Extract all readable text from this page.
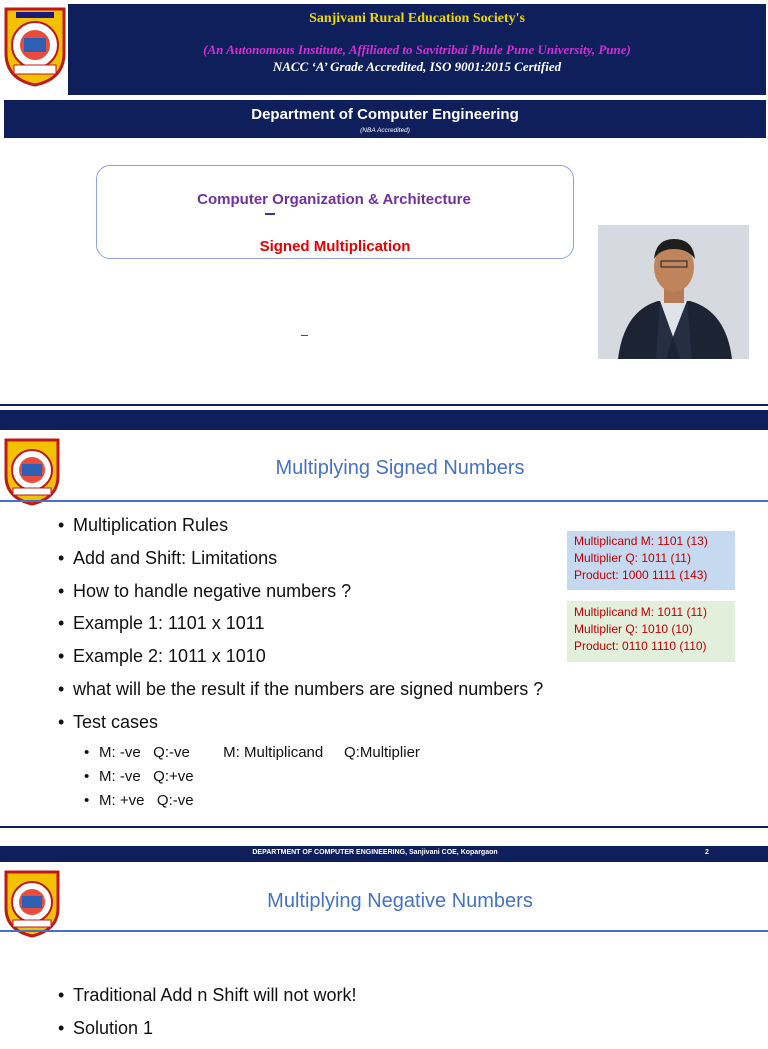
Sanjivani Rural Education Society's
(An Autonomous Institute, Affiliated to Savitribai Phule Pune University, Pune)
NACC ‘A’ Grade Accredited, ISO 9001:2015 Certified
Department of Computer Engineering
(NBA Accredited)
Computer Organization & Architecture
Signed Multiplication
Multiplying Signed Numbers
• Multiplication Rules
• Add and Shift: Limitations
• How to handle negative numbers ?
• Example 1: 1101 x 1011
• Example 2: 1011 x 1010
• what will be the result if the numbers are signed numbers ?
• Test cases
• M: -ve   Q:-ve        M: Multiplicand     Q:Multiplier
• M: -ve   Q:+ve
• M: +ve   Q:-ve
Multiplicand M: 1101 (13)
Multiplier Q: 1011 (11)
Product: 1000 1111 (143)
Multiplicand M: 1011 (11)
Multiplier Q: 1010 (10)
Product: 0110 1110 (110)
DEPARTMENT OF COMPUTER ENGINEERING, Sanjivani COE, Kopargaon	2
Multiplying Negative Numbers
• Traditional Add n Shift will not work!
• Solution 1
